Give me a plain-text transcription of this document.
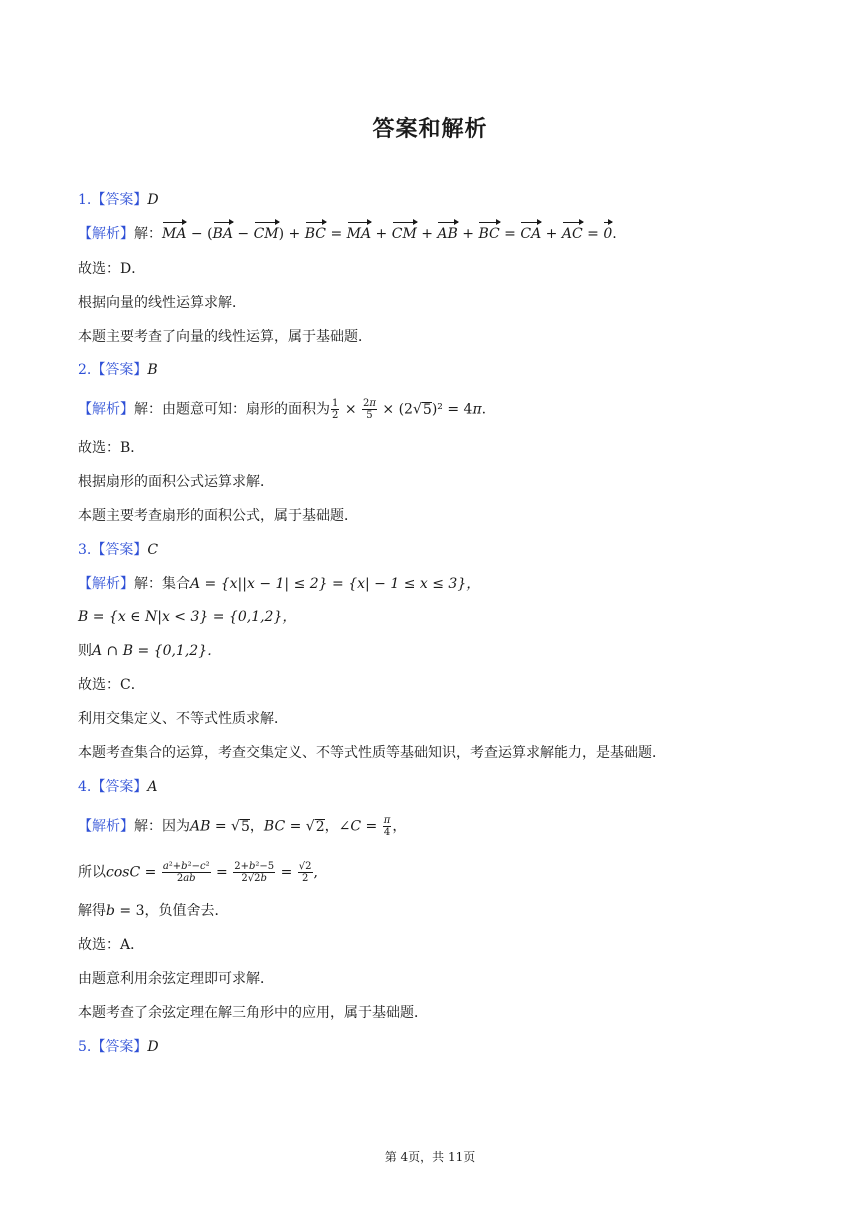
答案和解析
1.【答案】D
【解析】解：MA − (BA − CM) + BC = MA + CM + AB + BC = CA + AC = 0.
故选：D．
根据向量的线性运算求解．
本题主要考查了向量的线性运算，属于基础题．
2.【答案】B
【解析】解：由题意可知：扇形的面积为 $\frac{1}{2} \times \frac{2\pi}{5} \times (2√5)^2 = 4\pi$.
故选：B．
根据扇形的面积公式运算求解．
本题主要考查扇形的面积公式，属于基础题．
3.【答案】C
【解析】解：集合A = {x||x − 1| ≤ 2} = {x| − 1 ≤ x ≤ 3}，
B = {x ∈ N|x < 3} = {0,1,2}，
则A ∩ B = {0,1,2}．
故选：C．
利用交集定义、不等式性质求解．
本题考查集合的运算，考查交集定义、不等式性质等基础知识，考查运算求解能力，是基础题．
4.【答案】A
【解析】解：因为AB = √5，BC = √2，∠C = $\frac{\pi}{4}$ ，
所以$\cos C = \frac{\text{a²+b²−c²}}{2ab} = \frac{\text{2+b²−5}}{2√2b} = \frac{√2}{2}$ ,
解得b = 3，负值舍去．
故选：A．
由题意利用余弦定理即可求解．
本题考查了余弦定理在解三角形中的应用，属于基础题．
5.【答案】D
第 4页，共 11页
